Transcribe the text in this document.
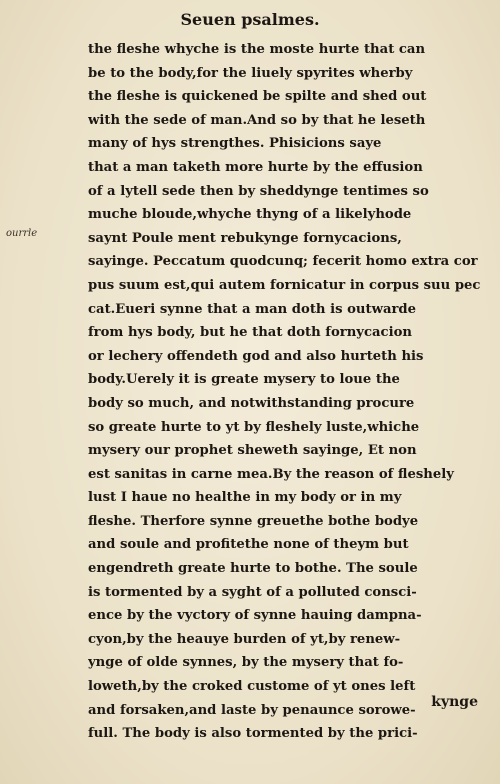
Seuen psalmes.
ourrle
the fleshe whyche is the moste hurte that can
be to the body,for the liuely spyrites wherby
the fleshe is quickened be spilte and shed out
with the sede of man.And so by that he leseth
many of hys strengthes. Phisicions saye
that a man taketh more hurte by the effusion
of a lytell sede then by sheddynge tentimes so
muche bloude,whyche thyng of a likelyhode
saynt Poule ment rebukynge fornycacions,
sayinge. Peccatum quodcunq; fecerit homo extra cor
pus suum est,qui autem fornicatur in corpus suu pec
cat.Eueri synne that a man doth is outwarde
from hys body, but he that doth fornycacion
or lechery offendeth god and also hurteth his
body.Uerely it is greate mysery to loue the
body so much, and notwithstanding procure
so greate hurte to yt by fleshely luste,whiche
mysery our prophet sheweth sayinge, Et non
est sanitas in carne mea.By the reason of fleshely
lust I haue no healthe in my body or in my
fleshe. Therfore synne greuethe bothe bodye
and soule and profitethe none of theym but
engendreth greate hurte to bothe. The soule
is tormented by a syght of a polluted consci-
ence by the vyctory of synne hauing dampna-
cyon,by the heauye burden of yt,by renew-
ynge of olde synnes, by the mysery that fo-
loweth,by the croked custome of yt ones left
and forsaken,and laste by penaunce sorowe-
full. The body is also tormented by the prici-
kynge
